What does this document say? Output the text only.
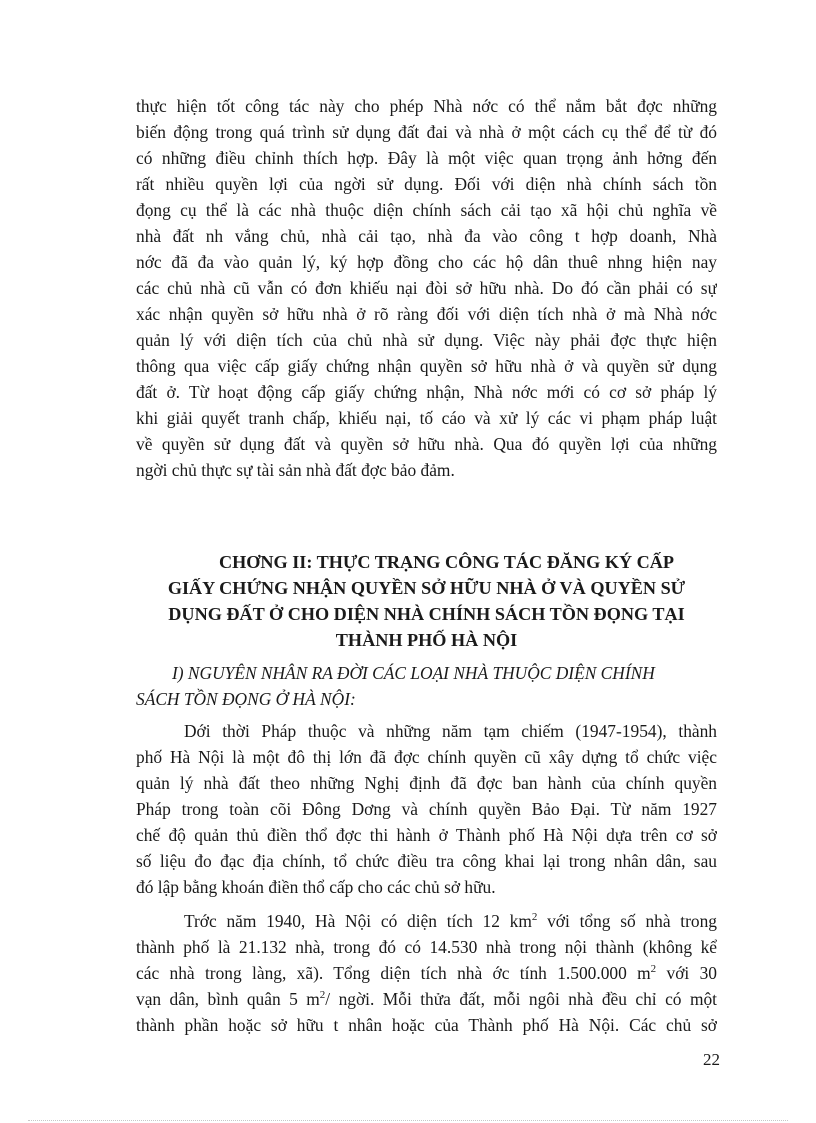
thực hiện tốt công tác này cho phép Nhà nớc có thể nắm bắt đợc những
biến động trong quá trình sử dụng đất đai và nhà ở một cách cụ thể để từ đó
có những điều chỉnh thích hợp. Đây là một việc quan trọng ảnh hởng đến
rất nhiều quyền lợi của ngời sử dụng. Đối với diện nhà chính sách tồn
đọng cụ thể là các nhà thuộc diện chính sách cải tạo xã hội chủ nghĩa về
nhà đất nh vắng chủ, nhà cải tạo, nhà đa vào công t hợp doanh, Nhà
nớc đã đa vào quản lý, ký hợp đồng cho các hộ dân thuê nhng hiện nay
các chủ nhà cũ vẫn có đơn khiếu nại đòi sở hữu nhà. Do đó cần phải có sự
xác nhận quyền sở hữu nhà ở rõ ràng đối với diện tích nhà ở mà Nhà nớc
quản lý với diện tích của chủ nhà sử dụng. Việc này phải đợc thực hiện
thông qua việc cấp giấy chứng nhận quyền sở hữu nhà ở và quyền sử dụng
đất ở. Từ hoạt động cấp giấy chứng nhận, Nhà nớc mới có cơ sở pháp lý
khi giải quyết tranh chấp, khiếu nại, tố cáo và xử lý các vi phạm pháp luật
về quyền sử dụng đất và quyền sở hữu nhà. Qua đó quyền lợi của những
ngời chủ thực sự tài sản nhà đất đợc bảo đảm.
CHƠNG II: THỰC TRẠNG CÔNG TÁC ĐĂNG KÝ CẤP
GIẤY CHỨNG NHẬN QUYỀN SỞ HỮU NHÀ Ở VÀ QUYỀN SỬ
DỤNG ĐẤT Ở CHO DIỆN NHÀ CHÍNH SÁCH TỒN ĐỌNG TẠI
THÀNH PHỐ HÀ NỘI
I) NGUYÊN NHÂN RA ĐỜI CÁC LOẠI NHÀ THUỘC DIỆN CHÍNH
SÁCH TỒN ĐỌNG Ở HÀ NỘI:
Dới thời Pháp thuộc và những năm tạm chiếm (1947-1954), thành
phố Hà Nội là một đô thị lớn đã đợc chính quyền cũ xây dựng tổ chức việc
quản lý nhà đất theo những Nghị định đã đợc ban hành của chính quyền
Pháp trong toàn cõi Đông Dơng và chính quyền Bảo Đại. Từ năm 1927
chế độ quản thủ điền thổ đợc thi hành ở Thành phố Hà Nội dựa trên cơ sở
số liệu đo đạc địa chính, tổ chức điều tra công khai lại trong nhân dân, sau
đó lập bằng khoán điền thổ cấp cho các chủ sở hữu.
Trớc năm 1940, Hà Nội có diện tích 12 $km^2$ với tổng số nhà trong
thành phố là 21.132 nhà, trong đó có 14.530 nhà trong nội thành (không kể
các nhà trong làng, xã). Tổng diện tích nhà ớc tính 1.500.000 $m^2$ với 30
vạn dân, bình quân 5 $m^2/$ ngời. Mỗi thửa đất, mỗi ngôi nhà đều chỉ có một
thành phần hoặc sở hữu t nhân hoặc của Thành phố Hà Nội. Các chủ sở
22
